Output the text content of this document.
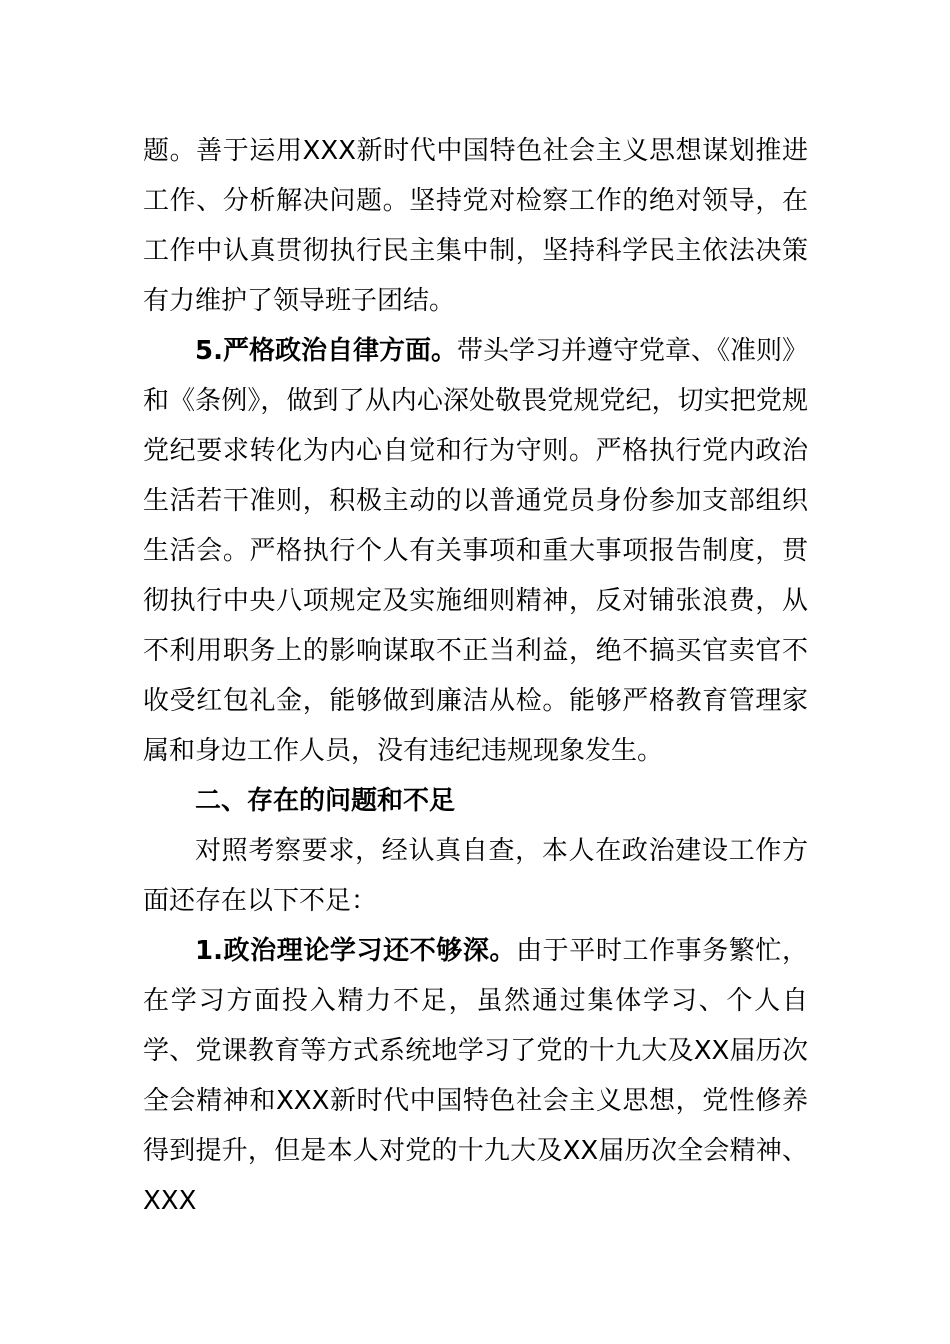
题。善于运用XXX新时代中国特色社会主义思想谋划推进工作、分析解决问题。坚持党对检察工作的绝对领导，在工作中认真贯彻执行民主集中制，坚持科学民主依法决策有力维护了领导班子团结。

5.严格政治自律方面。带头学习并遵守党章、《准则》和《条例》，做到了从内心深处敬畏党规党纪，切实把党规党纪要求转化为内心自觉和行为守则。严格执行党内政治生活若干准则，积极主动的以普通党员身份参加支部组织生活会。严格执行个人有关事项和重大事项报告制度，贯彻执行中央八项规定及实施细则精神，反对铺张浪费，从不利用职务上的影响谋取不正当利益，绝不搞买官卖官不收受红包礼金，能够做到廉洁从检。能够严格教育管理家属和身边工作人员，没有违纪违规现象发生。

二、存在的问题和不足

对照考察要求，经认真自查，本人在政治建设工作方面还存在以下不足：

1.政治理论学习还不够深。由于平时工作事务繁忙，在学习方面投入精力不足，虽然通过集体学习、个人自学、党课教育等方式系统地学习了党的十九大及XX届历次全会精神和XXX新时代中国特色社会主义思想，党性修养得到提升，但是本人对党的十九大及XX届历次全会精神、XXX
